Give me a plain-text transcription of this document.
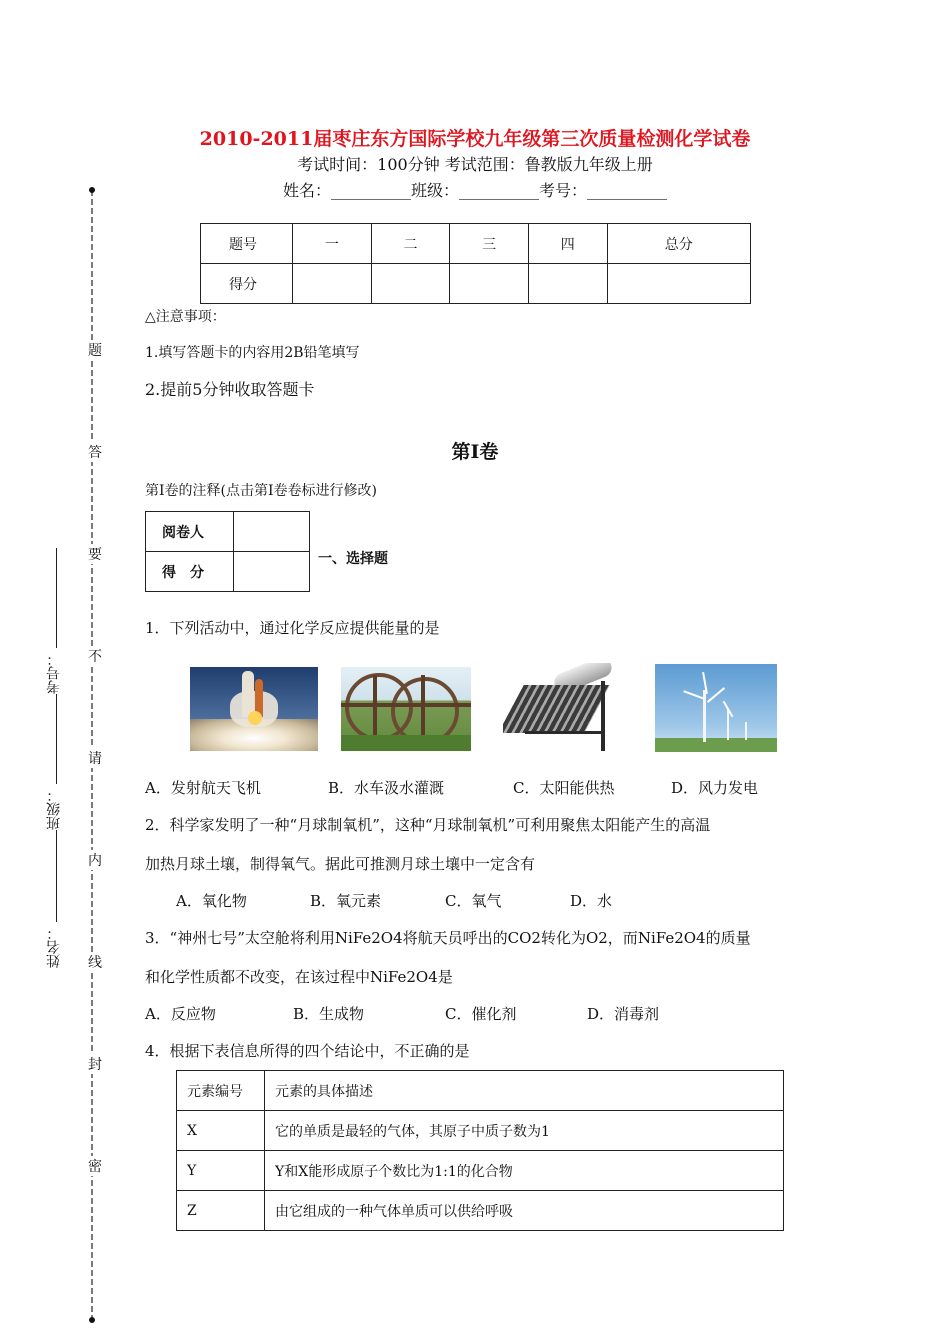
题
答
要
不
请
内
线
封
密
考号：
班级：
姓名：
2010-2011届枣庄东方国际学校九年级第三次质量检测化学试卷
考试时间：100分钟 考试范围：鲁教版九年级上册
姓名：__________班级：__________考号：__________
题号	一	二	三	四	总分
得分					
△注意事项：
1.填写答题卡的内容用2B铅笔填写
2.提前5分钟收取答题卡
第I卷
第I卷的注释(点击第I卷卷标进行修改)
阅卷人	
得　分	
一、选择题
1．下列活动中，通过化学反应提供能量的是
A．发射航天飞机	B．水车汲水灌溉	C．太阳能供热	D．风力发电
2．科学家发明了一种“月球制氧机”，这种“月球制氧机”可利用聚焦太阳能产生的高温
加热月球土壤，制得氧气。据此可推测月球土壤中一定含有
A．氧化物	B．氧元素	C．氧气	D．水
3．“神州七号”太空舱将利用NiFe2O4将航天员呼出的CO2转化为O2，而NiFe2O4的质量
和化学性质都不改变，在该过程中NiFe2O4是
A．反应物	B．生成物	C．催化剂	D．消毒剂
4．根据下表信息所得的四个结论中，不正确的是
元素编号	元素的具体描述
X	它的单质是最轻的气体，其原子中质子数为1
Y	Y和X能形成原子个数比为1:1的化合物
Z	由它组成的一种气体单质可以供给呼吸
